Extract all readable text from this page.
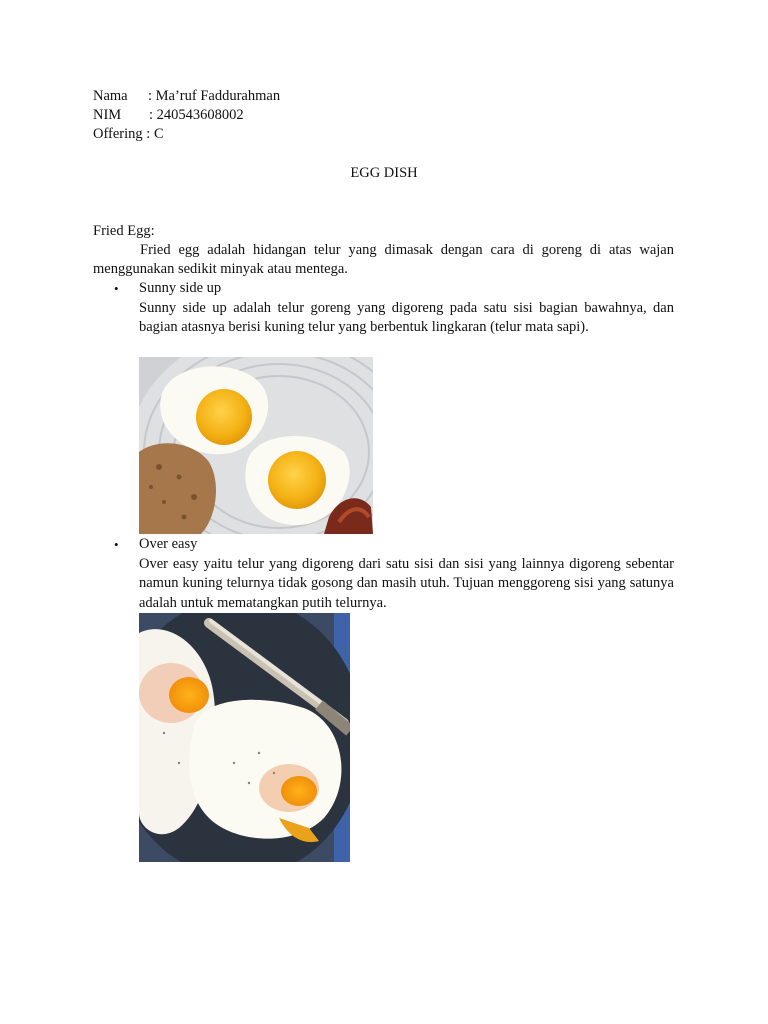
Nama : Ma’ruf Faddurahman
NIM : 240543608002
Offering : C
EGG DISH
Fried Egg:
Fried egg adalah hidangan telur yang dimasak dengan cara di goreng di atas wajan menggunakan sedikit minyak atau mentega.
• Sunny side up
Sunny side up adalah telur goreng yang digoreng pada satu sisi bagian bawahnya, dan bagian atasnya berisi kuning telur yang berbentuk lingkaran (telur mata sapi).
• Over easy
Over easy yaitu telur yang digoreng dari satu sisi dan sisi yang lainnya digoreng sebentar namun kuning telurnya tidak gosong dan masih utuh. Tujuan menggoreng sisi yang satunya adalah untuk mematangkan putih telurnya.
